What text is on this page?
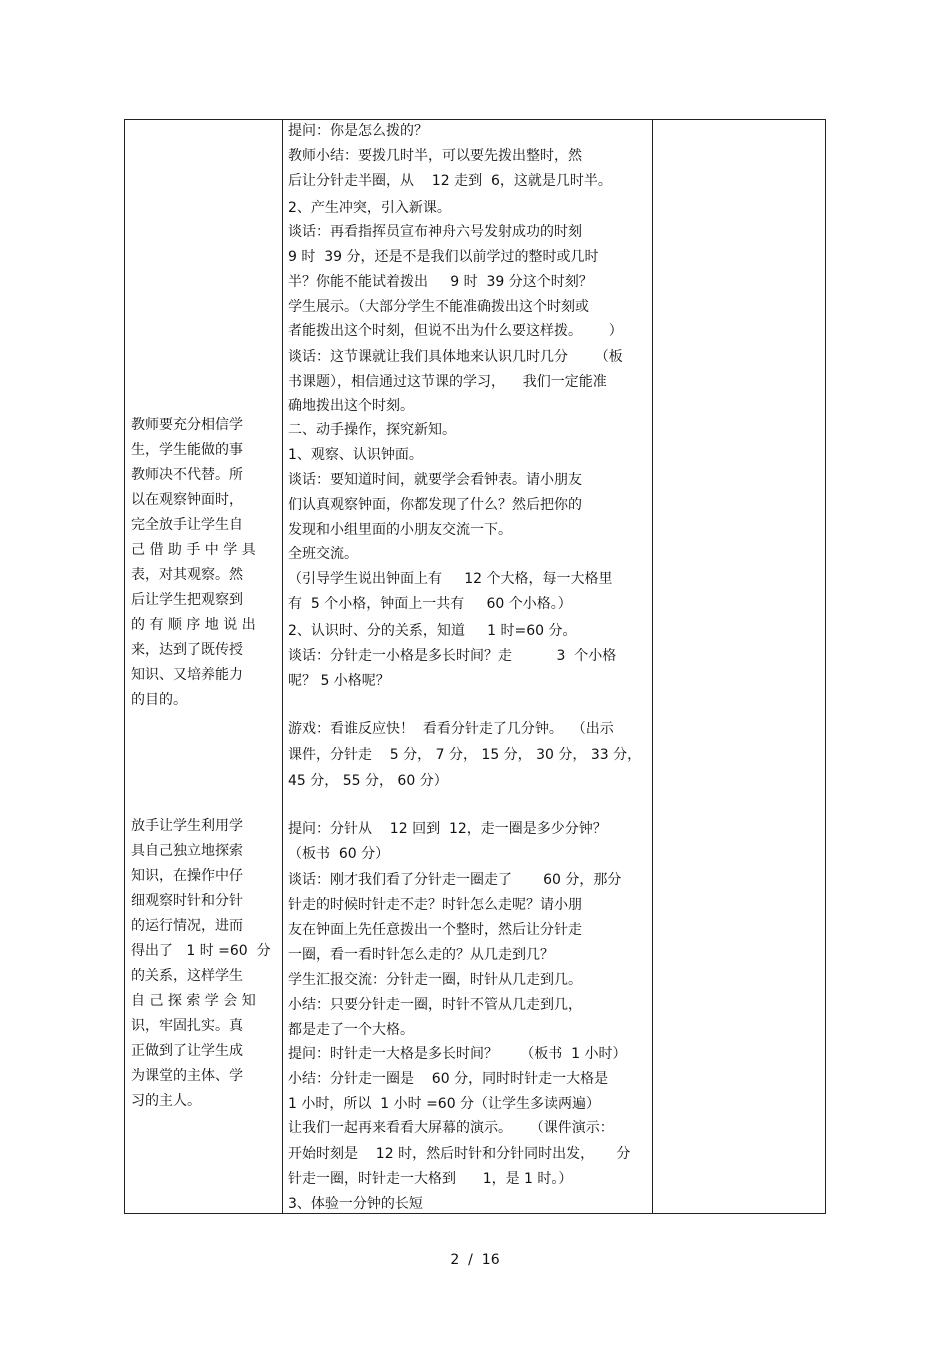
教师要充分相信学
生，学生能做的事
教师决不代替。所
以在观察钟面时，
完全放手让学生自
己 借 助 手 中 学 具
表，对其观察。然
后让学生把观察到
的 有 顺 序 地 说 出
来，达到了既传授
知识、又培养能力
的目的。
放手让学生利用学
具自己独立地探索
知识，在操作中仔
细观察时针和分针
的运行情况，进而
得出了   1 时 =60  分
的关系，这样学生
自 己 探 索 学 会 知
识，牢固扎实。真
正做到了让学生成
为课堂的主体、学
习的主人。
提问：你是怎么拨的？
教师小结：要拨几时半，可以要先拨出整时，然
后让分针走半圈，从    12 走到  6，这就是几时半。
2、产生冲突，引入新课。
谈话：再看指挥员宣布神舟六号发射成功的时刻
9 时  39 分，还是不是我们以前学过的整时或几时
半？你能不能试着拨出     9 时  39 分这个时刻？
学生展示。（大部分学生不能准确拨出这个时刻或
者能拨出这个时刻，但说不出为什么要这样拨。      ）
谈话：这节课就让我们具体地来认识几时几分      （板
书课题），相信通过这节课的学习，    我们一定能准
确地拨出这个时刻。
二、动手操作，探究新知。
1、观察、认识钟面。
谈话：要知道时间，就要学会看钟表。请小朋友
们认真观察钟面，你都发现了什么？然后把你的
发现和小组里面的小朋友交流一下。
全班交流。
（引导学生说出钟面上有     12 个大格，每一大格里
有  5 个小格，钟面上一共有     60 个小格。）
2、认识时、分的关系，知道     1 时=60 分。
谈话：分针走一小格是多长时间？走          3  个小格
呢？ 5 小格呢？
游戏：看谁反应快！  看看分针走了几分钟。  （出示
课件，分针走    5 分， 7 分， 15 分， 30 分， 33 分，
45 分， 55 分， 60 分）
提问：分针从    12 回到  12，走一圈是多少分钟？
（板书  60 分）
谈话：刚才我们看了分针走一圈走了       60 分，那分
针走的时候时针走不走？时针怎么走呢？请小朋
友在钟面上先任意拨出一个整时，然后让分针走
一圈，看一看时针怎么走的？从几走到几？
学生汇报交流：分针走一圈，时针从几走到几。
小结：只要分针走一圈，时针不管从几走到几，
都是走了一个大格。
提问：时针走一大格是多长时间？     （板书  1 小时）
小结：分针走一圈是    60 分，同时时针走一大格是
1 小时，所以  1 小时 =60 分（让学生多读两遍）
让我们一起再来看看大屏幕的演示。    （课件演示：
开始时刻是    12 时，然后时针和分针同时出发，     分
针走一圈，时针走一大格到      1，是 1 时。）
3、体验一分钟的长短
2  /  16
